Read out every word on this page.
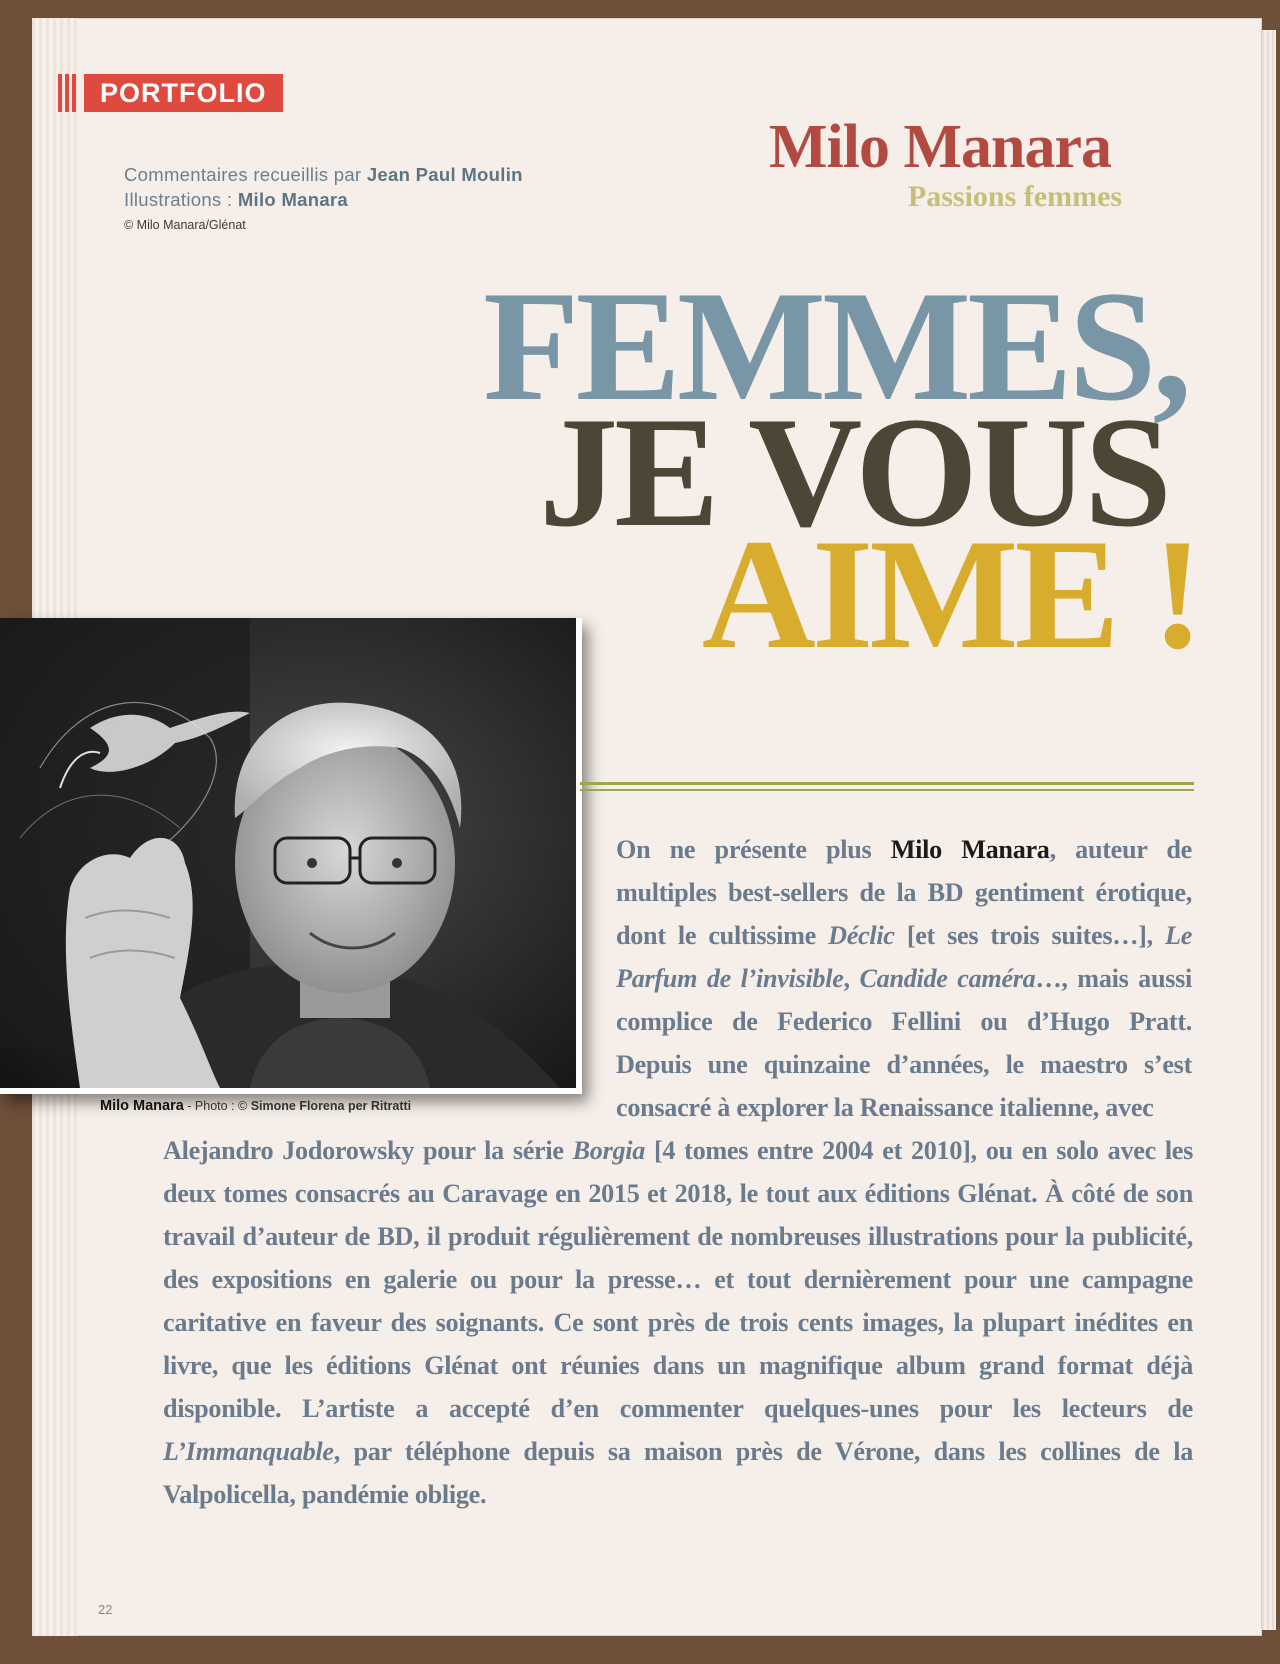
PORTFOLIO
Commentaires recueillis par Jean Paul Moulin
Illustrations : Milo Manara
© Milo Manara/Glénat
Milo Manara
Passions femmes
FEMMES,
JE VOUS
AIME !
Milo Manara - Photo : © Simone Florena per Ritratti
On ne présente plus Milo Manara, auteur de multiples best-sellers de la BD gentiment érotique, dont le cultissime Déclic [et ses trois suites…], Le Parfum de l’invisible, Candide caméra…, mais aussi complice de Federico Fellini ou d’Hugo Pratt. Depuis une quinzaine d’années, le maestro s’est consacré à explorer la Renaissance italienne, avec
Alejandro Jodorowsky pour la série Borgia [4 tomes entre 2004 et 2010], ou en solo avec les deux tomes consacrés au Caravage en 2015 et 2018, le tout aux éditions Glénat. À côté de son travail d’auteur de BD, il produit régulièrement de nombreuses illustrations pour la publicité, des expositions en galerie ou pour la presse… et tout dernièrement pour une campagne caritative en faveur des soignants. Ce sont près de trois cents images, la plupart inédites en livre, que les éditions Glénat ont réunies dans un magnifique album grand format déjà disponible. L’artiste a accepté d’en commenter quelques-unes pour les lecteurs de L’Immanquable, par téléphone depuis sa maison près de Vérone, dans les collines de la Valpolicella, pandémie oblige.
22
